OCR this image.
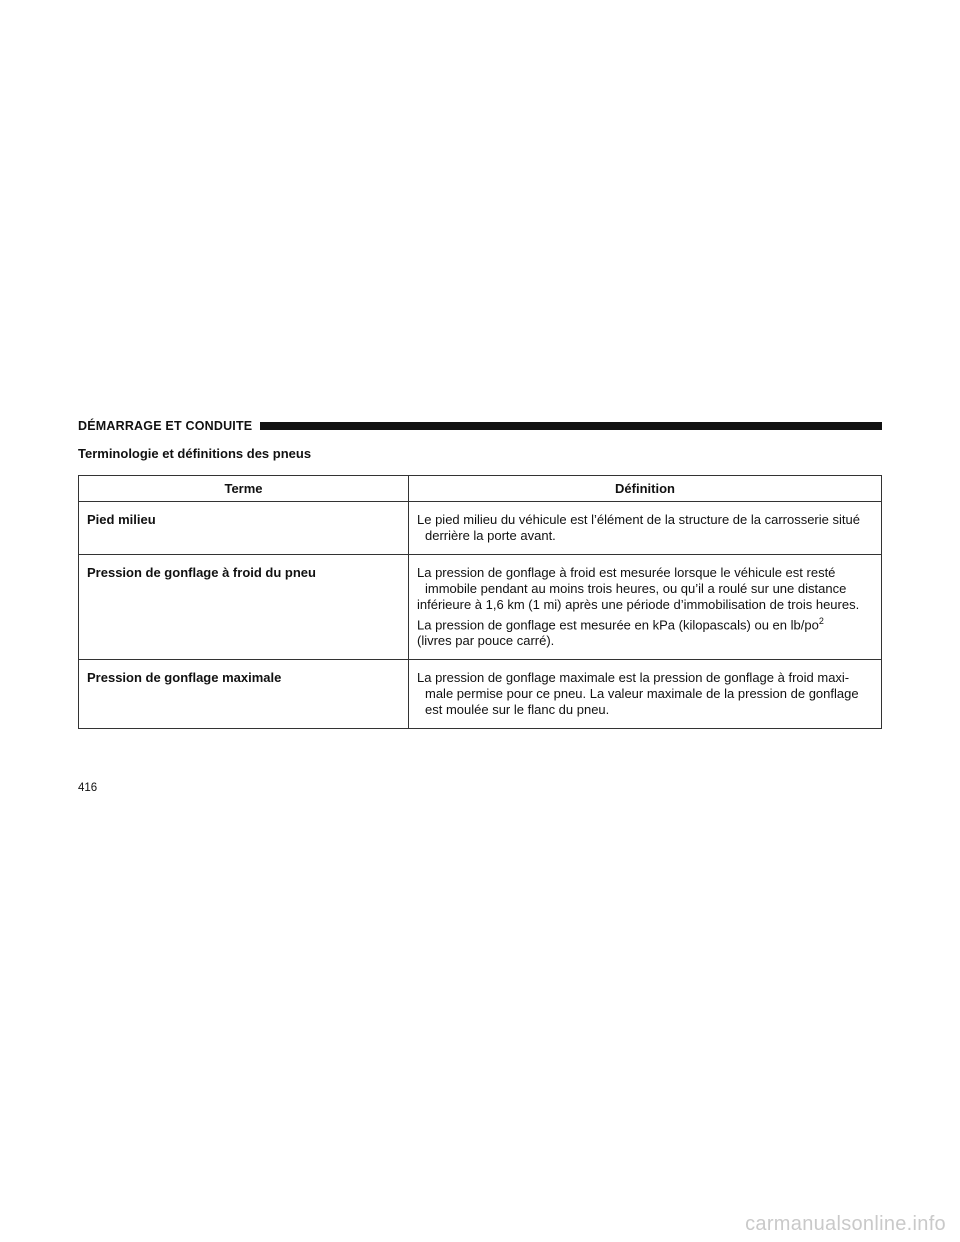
DÉMARRAGE ET CONDUITE
Terminologie et définitions des pneus
Terme	Définition
Pied milieu	Le pied milieu du véhicule est l’élément de la structure de la carrosserie situé
derrière la porte avant.

Pression de gonflage à froid du pneu	La pression de gonflage à froid est mesurée lorsque le véhicule est resté
immobile pendant au moins trois heures, ou qu’il a roulé sur une distance
inférieure à 1,6 km (1 mi) après une période d’immobilisation de trois heures.
La pression de gonflage est mesurée en kPa (kilopascals) ou en $lb/po^2$
(livres par pouce carré).

Pression de gonflage maximale	La pression de gonflage maximale est la pression de gonflage à froid maxi-
male permise pour ce pneu. La valeur maximale de la pression de gonflage
est moulée sur le flanc du pneu.
416
carmanualsonline.info
